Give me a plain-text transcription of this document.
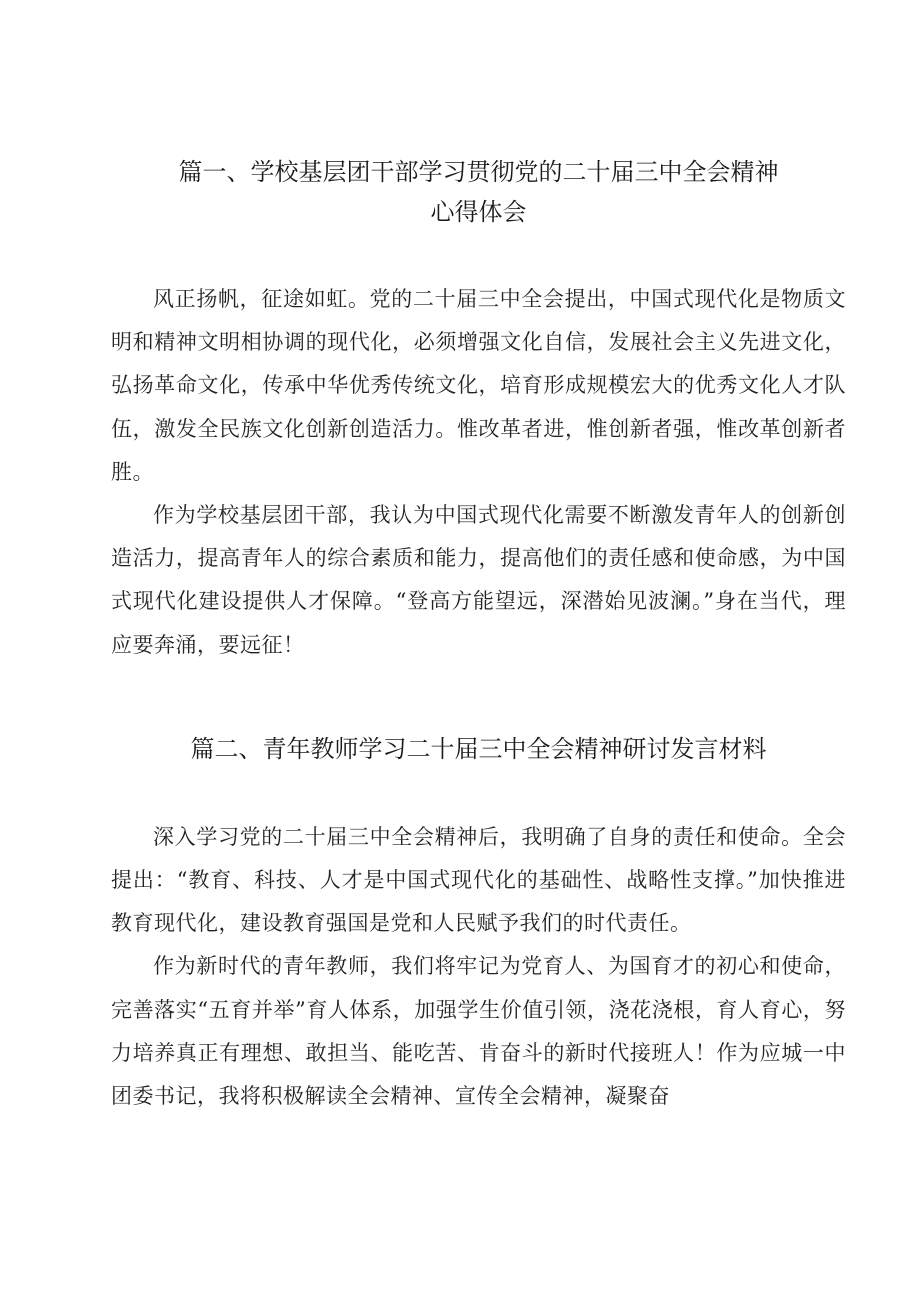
篇一、学校基层团干部学习贯彻党的二十届三中全会精神
心得体会

风正扬帆，征途如虹。党的二十届三中全会提出，中国式现代化是物质文明和精神文明相协调的现代化，必须增强文化自信，发展社会主义先进文化，弘扬革命文化，传承中华优秀传统文化，培育形成规模宏大的优秀文化人才队伍，激发全民族文化创新创造活力。惟改革者进，惟创新者强，惟改革创新者胜。

作为学校基层团干部，我认为中国式现代化需要不断激发青年人的创新创造活力，提高青年人的综合素质和能力，提高他们的责任感和使命感，为中国式现代化建设提供人才保障。“登高方能望远，深潜始见波澜。”身在当代，理应要奔涌，要远征！

篇二、青年教师学习二十届三中全会精神研讨发言材料

深入学习党的二十届三中全会精神后，我明确了自身的责任和使命。全会提出：“教育、科技、人才是中国式现代化的基础性、战略性支撑。”加快推进教育现代化，建设教育强国是党和人民赋予我们的时代责任。

作为新时代的青年教师，我们将牢记为党育人、为国育才的初心和使命，完善落实“五育并举”育人体系，加强学生价值引领，浇花浇根，育人育心，努力培养真正有理想、敢担当、能吃苦、肯奋斗的新时代接班人！作为应城一中团委书记，我将积极解读全会精神、宣传全会精神，凝聚奋
